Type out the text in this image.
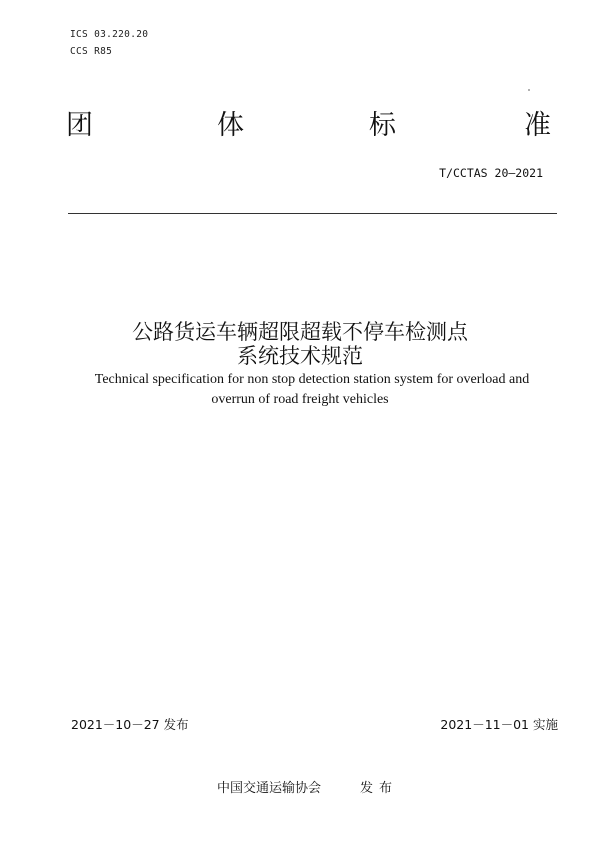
ICS 03.220.20
CCS R85
团	体	标	准
T/CCTAS 20—2021
公路货运车辆超限超载不停车检测点
系统技术规范
Technical specification for non stop detection station system for overload and
overrun of road freight vehicles
2021－10－27 发布	2021－11－01 实施
中国交通运输协会	发布
